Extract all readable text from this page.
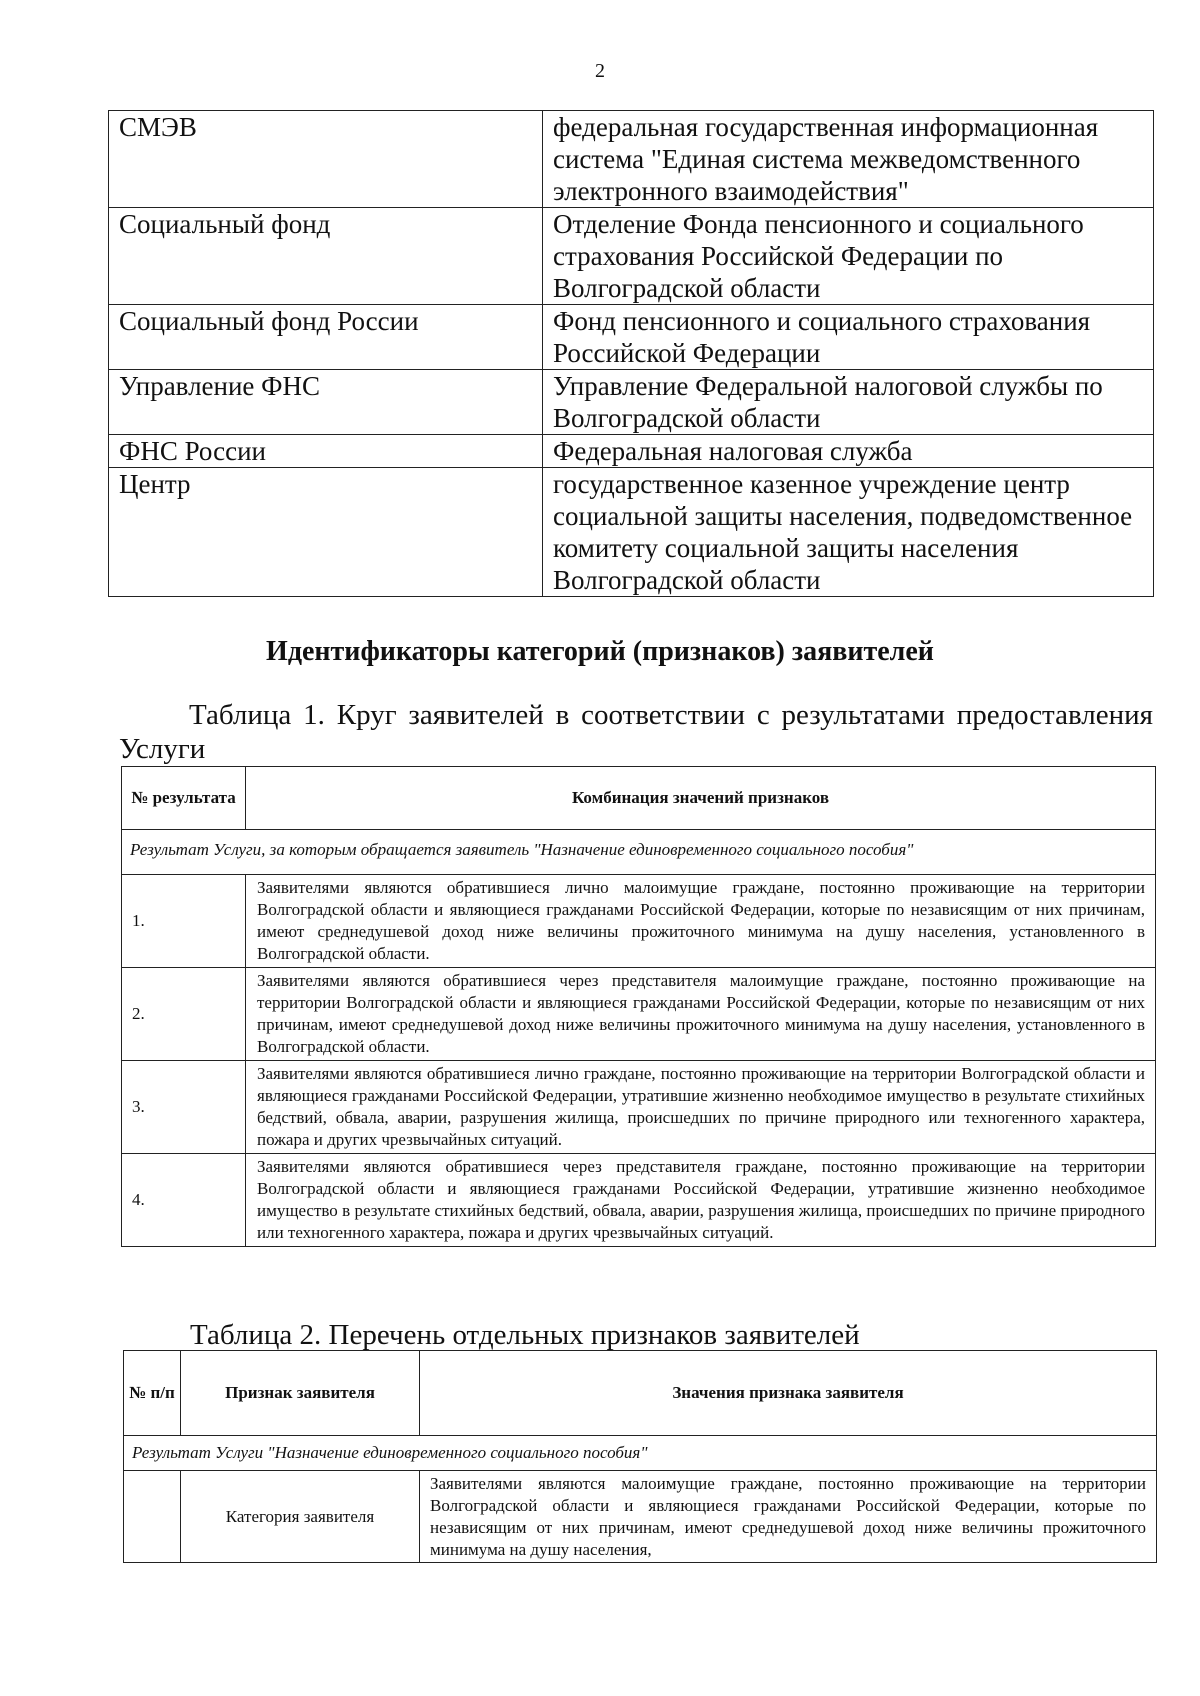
2
СМЭВ	федеральная государственная информационная система "Единая система межведомственного электронного взаимодействия"
Социальный фонд	Отделение Фонда пенсионного и социального страхования Российской Федерации по Волгоградской области
Социальный фонд России	Фонд пенсионного и социального страхования Российской Федерации
Управление ФНС	Управление Федеральной налоговой службы по Волгоградской области
ФНС России	Федеральная налоговая служба
Центр	государственное казенное учреждение центр социальной защиты населения, подведомственное комитету социальной защиты населения Волгоградской области
Идентификаторы категорий (признаков) заявителей
Таблица 1. Круг заявителей в соответствии с результатами предоставления Услуги
№ результата	Комбинация значений признаков
Результат Услуги, за которым обращается заявитель "Назначение единовременного социального пособия"	
1.	Заявителями являются обратившиеся лично малоимущие граждане, постоянно проживающие на территории Волгоградской области и являющиеся гражданами Российской Федерации, которые по независящим от них причинам, имеют среднедушевой доход ниже величины прожиточного минимума на душу населения, установленного в Волгоградской области.
2.	Заявителями являются обратившиеся через представителя малоимущие граждане, постоянно проживающие на территории Волгоградской области и являющиеся гражданами Российской Федерации, которые по независящим от них причинам, имеют среднедушевой доход ниже величины прожиточного минимума на душу населения, установленного в Волгоградской области.
3.	Заявителями являются обратившиеся лично граждане, постоянно проживающие на территории Волгоградской области и являющиеся гражданами Российской Федерации, утратившие жизненно необходимое имущество в результате стихийных бедствий, обвала, аварии, разрушения жилища, происшедших по причине природного или техногенного характера, пожара и других чрезвычайных ситуаций.
4.	Заявителями являются обратившиеся через представителя граждане, постоянно проживающие на территории Волгоградской области и являющиеся гражданами Российской Федерации, утратившие жизненно необходимое имущество в результате стихийных бедствий, обвала, аварии, разрушения жилища, происшедших по причине природного или техногенного характера, пожара и других чрезвычайных ситуаций.
Таблица 2. Перечень отдельных признаков заявителей
№ п/п	Признак заявителя	Значения признака заявителя
Результат Услуги "Назначение единовременного социального пособия"		
	Категория заявителя	Заявителями являются малоимущие граждане, постоянно проживающие на территории Волгоградской области и являющиеся гражданами Российской Федерации, которые по независящим от них причинам, имеют среднедушевой доход ниже величины прожиточного минимума на душу населения,
